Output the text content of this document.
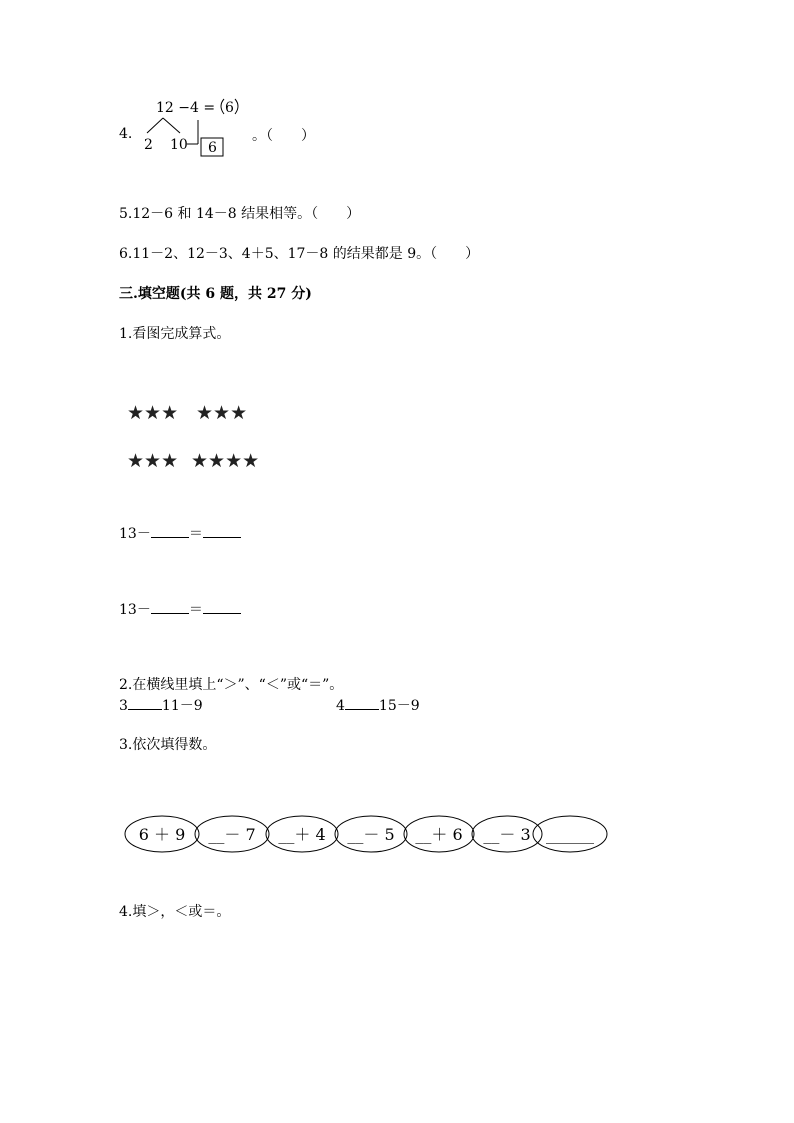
4.
12 −4 = 6
2 10 6
。（　　）
5.12－6 和 14－8 结果相等。（　　）
6.11－2、12－3、4＋5、17－8 的结果都是 9。（　　）
三.填空题(共 6 题，共 27 分)
1.看图完成算式。
★★★ ★★★
★★★ ★★★★
13－	＝
13－	＝
2.在横线里填上“＞”、“＜”或“＝”。
3 11－9	4 15－9
3.依次填得数。
6 ＋ 9 __－ 7 __＋ 4 __－ 5 __＋ 6 __－ 3 ______
4.填＞，＜或＝。
